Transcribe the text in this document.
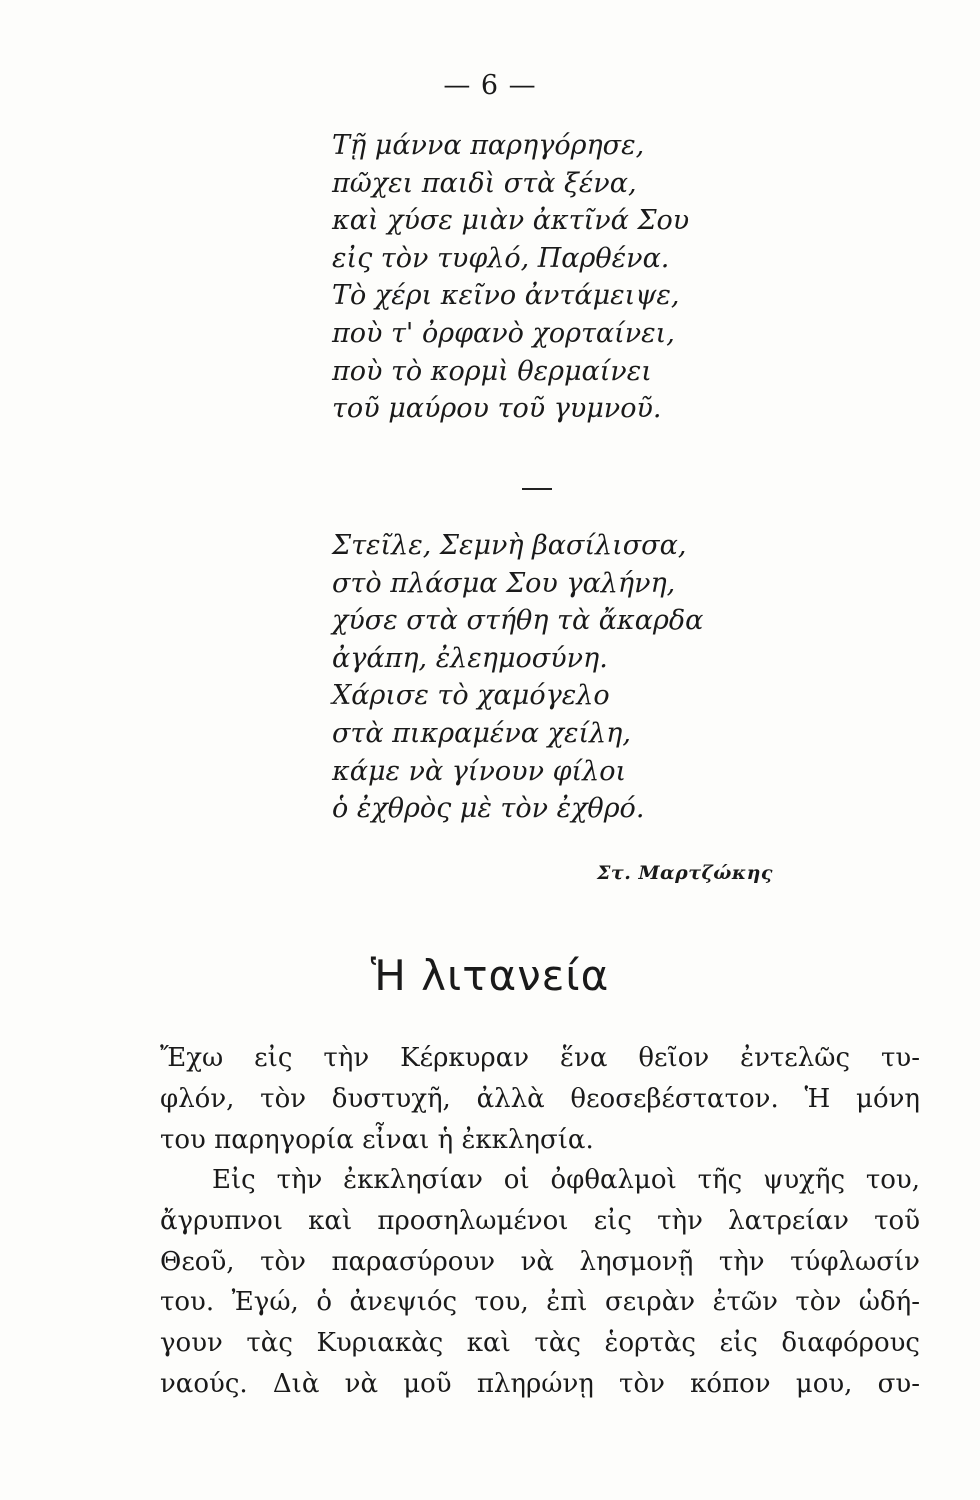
— 6 —
Τῇ μάννα παρηγόρησε,
πῶχει παιδὶ στὰ ξένα,
καὶ χύσε μιὰν ἀκτῖνά Σου
εἰς τὸν τυφλό, Παρθένα.
Τὸ χέρι κεῖνο ἀντάμειψε,
ποὺ τ' ὀρφανὸ χορταίνει,
ποὺ τὸ κορμὶ θερμαίνει
τοῦ μαύρου τοῦ γυμνοῦ.
Στεῖλε, Σεμνὴ βασίλισσα,
στὸ πλάσμα Σου γαλήνη,
χύσε στὰ στήθη τὰ ἄκαρδα
ἀγάπη, ἐλεημοσύνη.
Χάρισε τὸ χαμόγελο
στὰ πικραμένα χείλη,
κάμε νὰ γίνουν φίλοι
ὁ ἐχθρὸς μὲ τὸν ἐχθρό.
Στ. Μαρτζώκης
Ἡ λιτανεία

Ἔχω εἰς τὴν Κέρκυραν ἕνα θεῖον ἐντελῶς τυ-
φλόν, τὸν δυστυχῆ, ἀλλὰ θεοσεβέστατον. Ἡ μόνη
του παρηγορία εἶναι ἡ ἐκκλησία.

Εἰς τὴν ἐκκλησίαν οἱ ὀφθαλμοὶ τῆς ψυχῆς του,
ἄγρυπνοι καὶ προσηλωμένοι εἰς τὴν λατρείαν τοῦ
Θεοῦ, τὸν παρασύρουν νὰ λησμονῇ τὴν τύφλωσίν
του. Ἐγώ, ὁ ἀνεψιός του, ἐπὶ σειρὰν ἐτῶν τὸν ὡδή-
γουν τὰς Κυριακὰς καὶ τὰς ἑορτὰς εἰς διαφόρους
ναούς. Διὰ νὰ μοῦ πληρώνῃ τὸν κόπον μου, συ-
